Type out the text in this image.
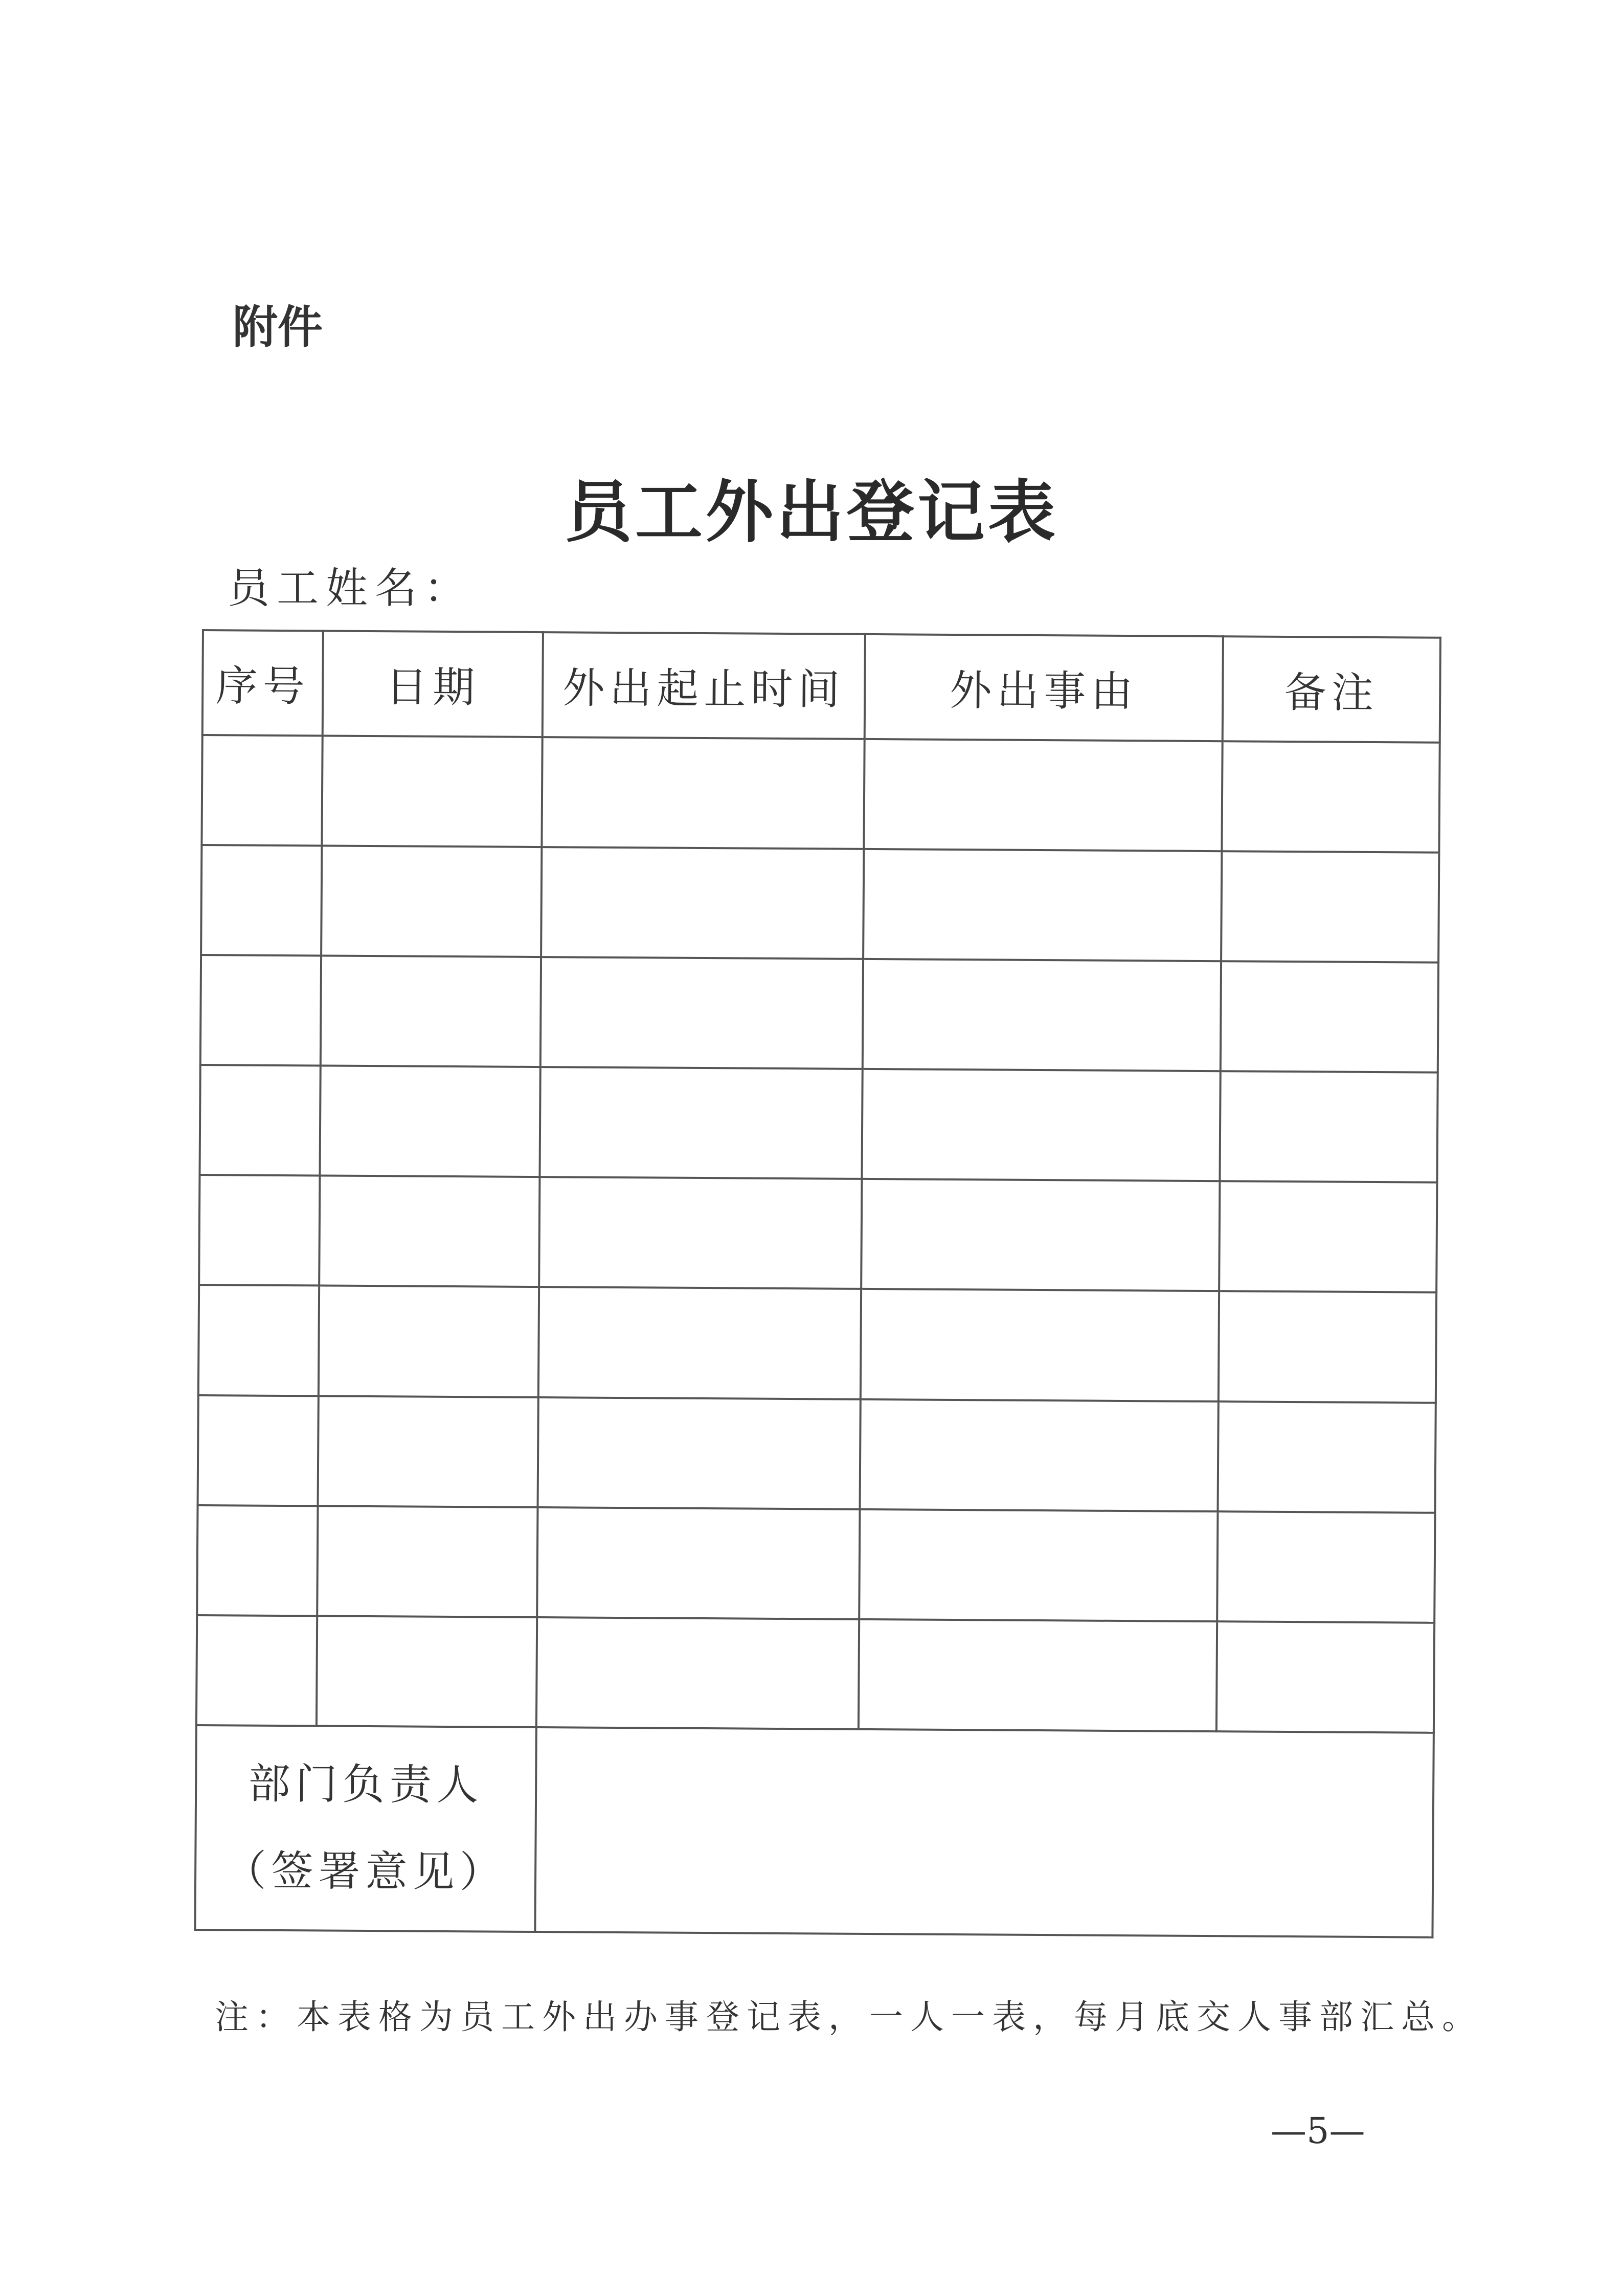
附件
员工外出登记表
员工姓名：
序号	日期	外出起止时间	外出事由	备注

部门负责人
（签署意见）				

注：本表格为员工外出办事登记表，一人一表，每月底交人事部汇总。
—5—
